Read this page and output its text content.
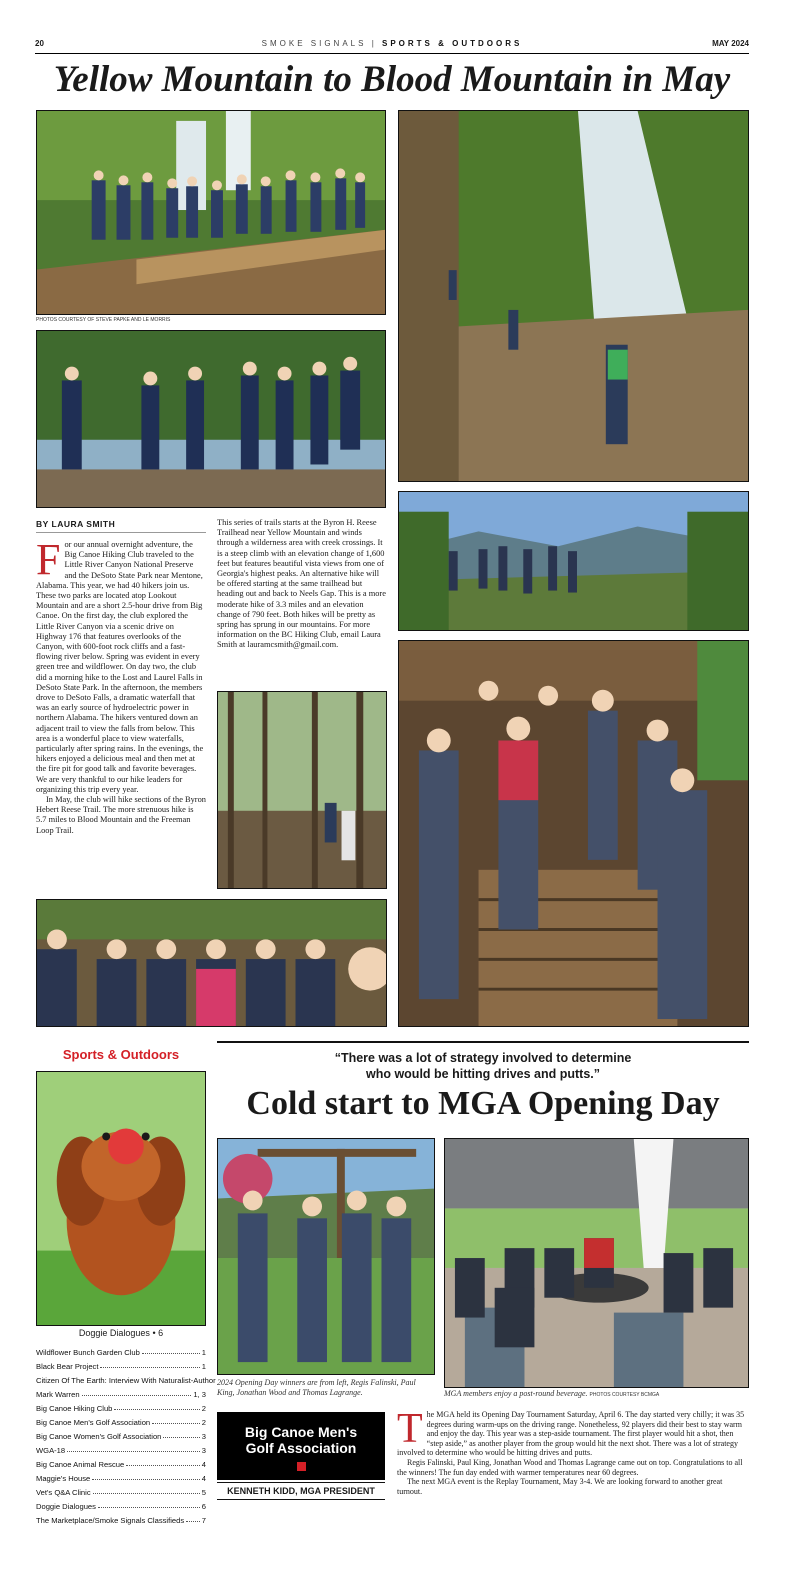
20	SMOKE SIGNALS | SPORTS & OUTDOORS	MAY 2024
Yellow Mountain to Blood Mountain in May
PHOTOS COURTESY OF STEVE PAPKE AND LE MORRIS
BY LAURA SMITH
F or our annual overnight adventure, the Big Canoe Hiking Club traveled to the Little River Canyon National Preserve and the DeSoto State Park near Mentone, Alabama. This year, we had 40 hikers join us. These two parks are located atop Lookout Mountain and are a short 2.5-hour drive from Big Canoe. On the first day, the club explored the Little River Canyon via a scenic drive on Highway 176 that features overlooks of the Canyon, with 600-foot rock cliffs and a fast-flowing river below. Spring was evident in every green tree and wildflower. On day two, the club did a morning hike to the Lost and Laurel Falls in DeSoto State Park. In the afternoon, the members drove to DeSoto Falls, a dramatic waterfall that was an early source of hydroelectric power in northern Alabama. The hikers ventured down an adjacent trail to view the falls from below. This area is a wonderful place to view waterfalls, particularly after spring rains. In the evenings, the hikers enjoyed a delicious meal and then met at the fire pit for good talk and favorite beverages. We are very thankful to our hike leaders for organizing this trip every year.

In May, the club will hike sections of the Byron Hebert Reese Trail. The more strenuous hike is 5.7 miles to Blood Mountain and the Freeman Loop Trail.

This series of trails starts at the Byron H. Reese Trailhead near Yellow Mountain and winds through a wilderness area with creek crossings. It is a steep climb with an elevation change of 1,600 feet but features beautiful vista views from one of Georgia's highest peaks. An alternative hike will be offered starting at the same trailhead but heading out and back to Neels Gap. This is a more moderate hike of 3.3 miles and an elevation change of 790 feet. Both hikes will be pretty as spring has sprung in our mountains. For more information on the BC Hiking Club, email Laura Smith at lauramcsmith@gmail.com.

Sports & Outdoors
Doggie Dialogues • 6
Wildflower Bunch Garden Club	1
Black Bear Project	1
Citizen Of The Earth: Interview With Naturalist-Author
Mark Warren	1, 3
Big Canoe Hiking Club	2
Big Canoe Men's Golf Association	2
Big Canoe Women's Golf Association	3
WGA-18	3
Big Canoe Animal Rescue	4
Maggie's House	4
Vet's Q&A Clinic	5
Doggie Dialogues	6
The Marketplace/Smoke Signals Classifieds 7
“There was a lot of strategy involved to determine
who would be hitting drives and putts.”
Cold start to MGA Opening Day
2024 Opening Day winners are from left, Regis Falinski, Paul King, Jonathan Wood and Thomas Lagrange.	MGA members enjoy a post-round beverage. PHOTOS COURTESY BCMGA
Big Canoe Men's
Golf Association
KENNETH KIDD, MGA PRESIDENT
T he MGA held its Opening Day Tournament Saturday, April 6. The day started very chilly; it was 35 degrees during warm-ups on the driving range. Nonetheless, 92 players did their best to stay warm and enjoy the day. This year was a step-aside tournament. The first player would hit a shot, then “step aside,” as another player from the group would hit the next shot. There was a lot of strategy involved to determine who would be hitting drives and putts.

Regis Falinski, Paul King, Jonathan Wood and Thomas Lagrange came out on top. Congratulations to all the winners! The fun day ended with warmer temperatures near 60 degrees.

The next MGA event is the Replay Tournament, May 3-4. We are looking forward to another great turnout.
